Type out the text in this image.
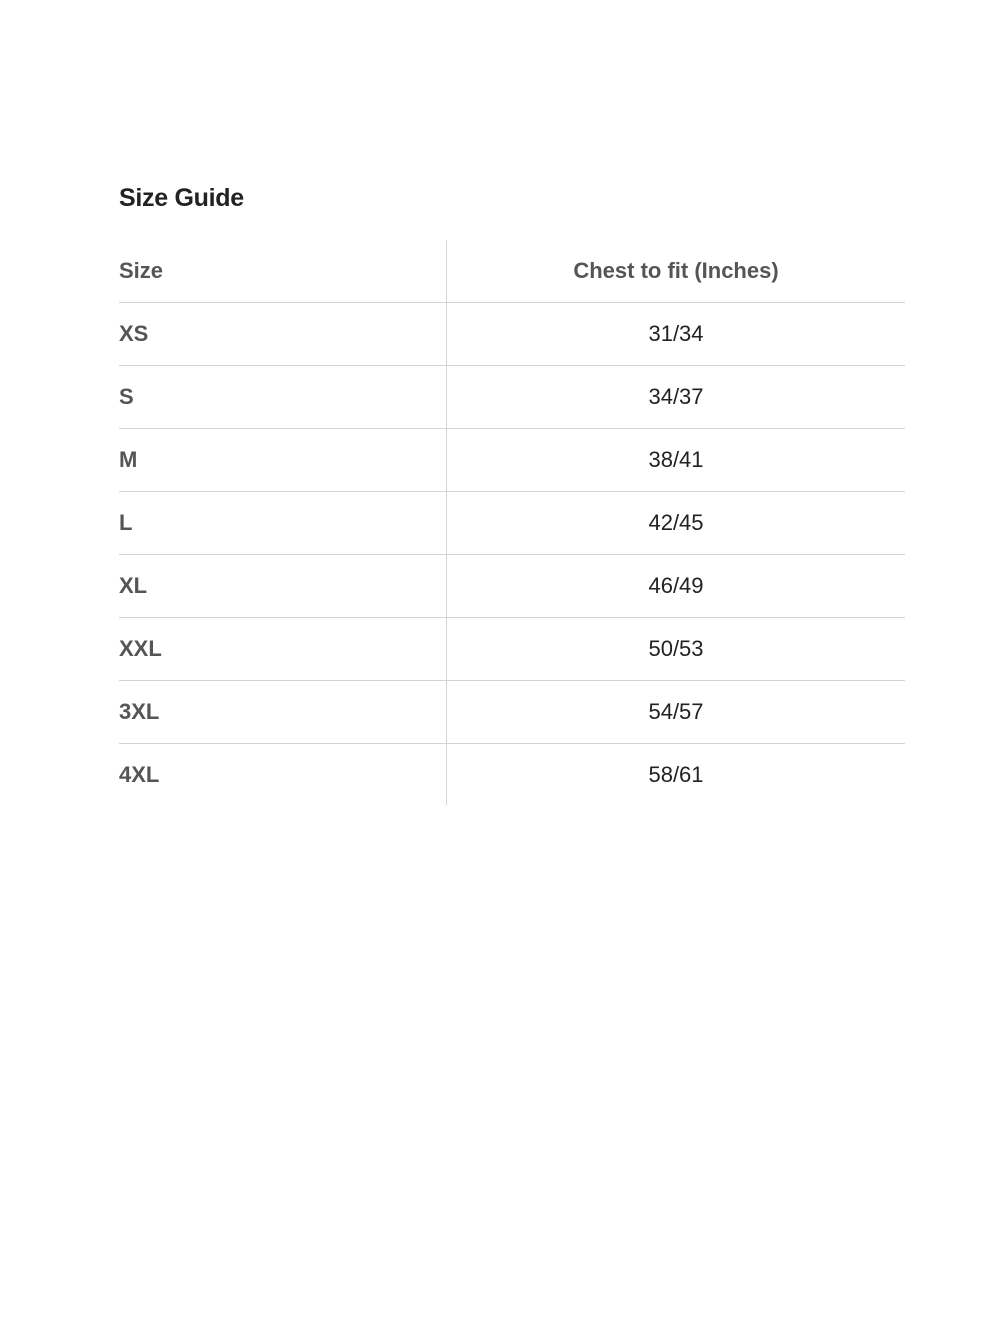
Size Guide
Size	Chest to fit (Inches)
XS	31/34
S	34/37
M	38/41
L	42/45
XL	46/49
XXL	50/53
3XL	54/57
4XL	58/61
